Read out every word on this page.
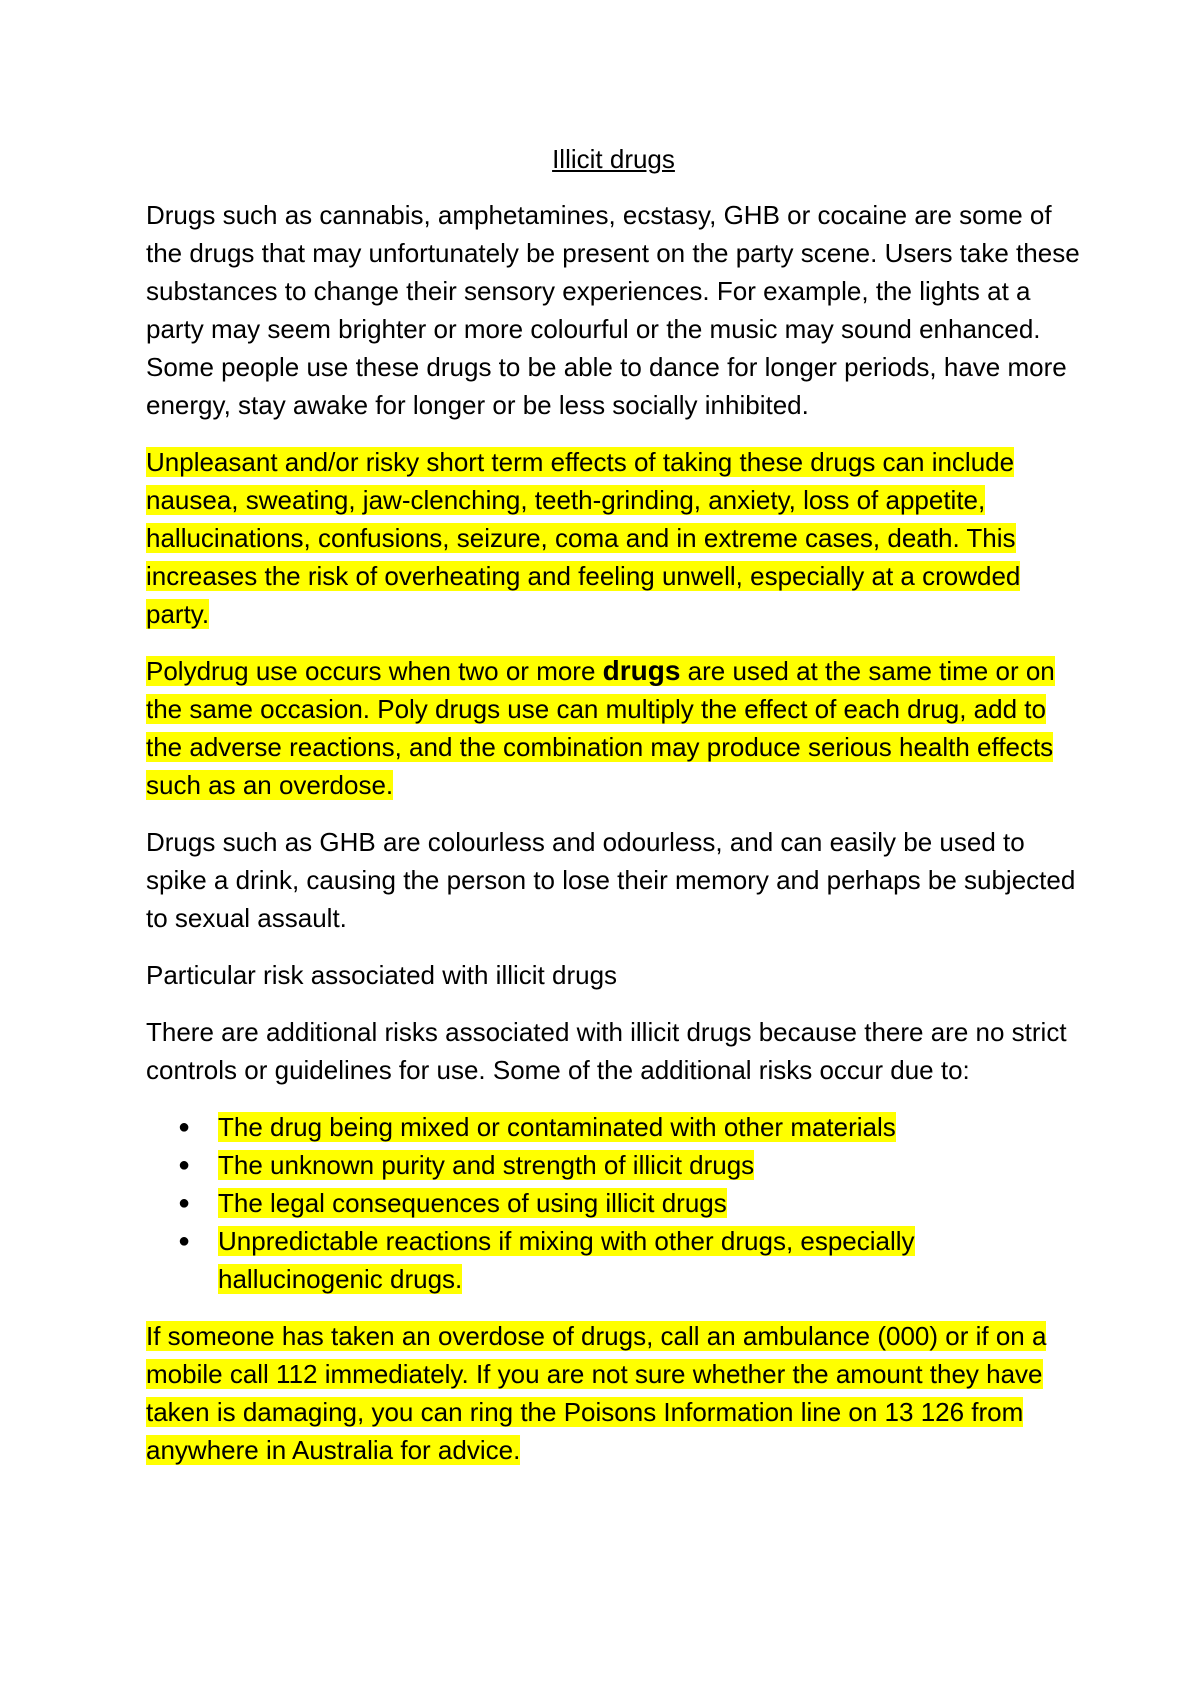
Illicit drugs

Drugs such as cannabis, amphetamines, ecstasy, GHB or cocaine are some of the drugs that may unfortunately be present on the party scene. Users take these substances to change their sensory experiences. For example, the lights at a party may seem brighter or more colourful or the music may sound enhanced. Some people use these drugs to be able to dance for longer periods, have more energy, stay awake for longer or be less socially inhibited.

Unpleasant and/or risky short term effects of taking these drugs can include nausea, sweating, jaw-clenching, teeth-grinding, anxiety, loss of appetite, hallucinations, confusions, seizure, coma and in extreme cases, death. This increases the risk of overheating and feeling unwell, especially at a crowded party.

Polydrug use occurs when two or more drugs are used at the same time or on the same occasion. Poly drugs use can multiply the effect of each drug, add to the adverse reactions, and the combination may produce serious health effects such as an overdose.

Drugs such as GHB are colourless and odourless, and can easily be used to spike a drink, causing the person to lose their memory and perhaps be subjected to sexual assault.

Particular risk associated with illicit drugs

There are additional risks associated with illicit drugs because there are no strict controls or guidelines for use. Some of the additional risks occur due to:

●	The drug being mixed or contaminated with other materials
●	The unknown purity and strength of illicit drugs
●	The legal consequences of using illicit drugs
●	Unpredictable reactions if mixing with other drugs, especially hallucinogenic drugs.

If someone has taken an overdose of drugs, call an ambulance (000) or if on a mobile call 112 immediately. If you are not sure whether the amount they have taken is damaging, you can ring the Poisons Information line on 13 126 from anywhere in Australia for advice.
